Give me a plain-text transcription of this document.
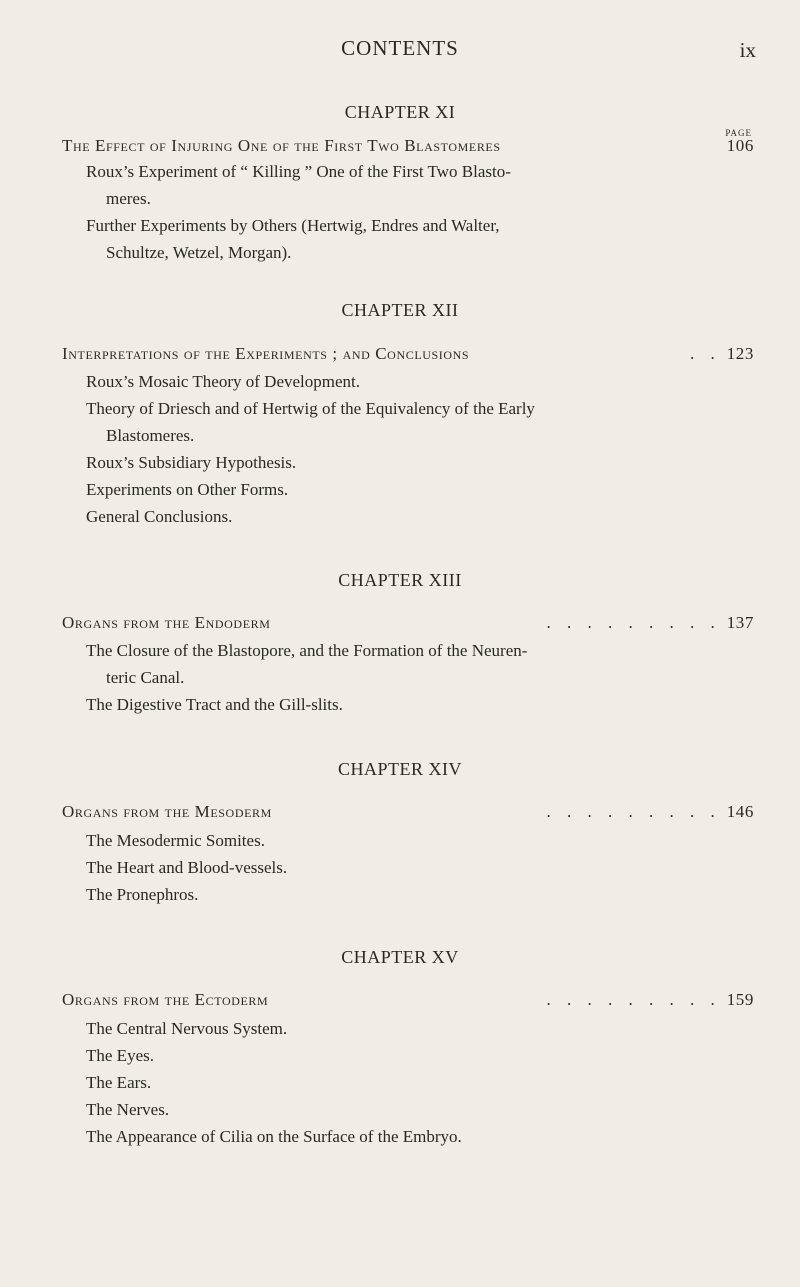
CONTENTS	ix
CHAPTER XI
PAGE
The Effect of Injuring One of the First Two Blastomeres	106
Roux’s Experiment of “ Killing ” One of the First Two Blasto-
meres.
Further Experiments by Others (Hertwig, Endres and Walter,
Schultze, Wetzel, Morgan).
CHAPTER XII
Interpretations of the Experiments ; and Conclusions	. . 123
Roux’s Mosaic Theory of Development.
Theory of Driesch and of Hertwig of the Equivalency of the Early
Blastomeres.
Roux’s Subsidiary Hypothesis.
Experiments on Other Forms.
General Conclusions.
CHAPTER XIII
Organs from the Endoderm	. . . . . . . . . 137
The Closure of the Blastopore, and the Formation of the Neuren-
teric Canal.
The Digestive Tract and the Gill-slits.
CHAPTER XIV
Organs from the Mesoderm	. . . . . . . . . 146
The Mesodermic Somites.
The Heart and Blood-vessels.
The Pronephros.
CHAPTER XV
Organs from the Ectoderm	. . . . . . . . . 159
The Central Nervous System.
The Eyes.
The Ears.
The Nerves.
The Appearance of Cilia on the Surface of the Embryo.
